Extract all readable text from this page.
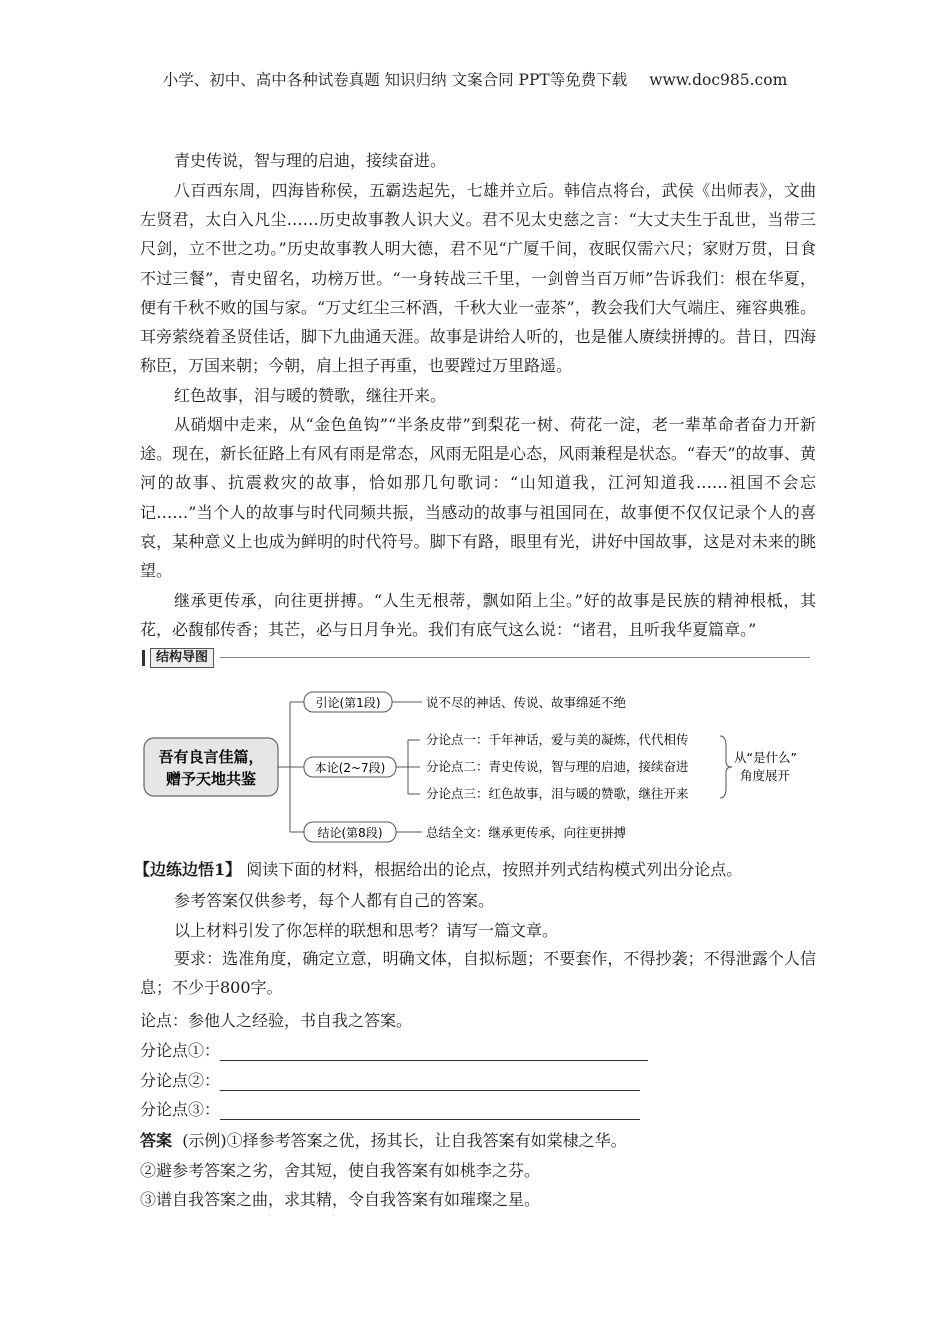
小学、初中、高中各种试卷真题 知识归纳 文案合同 PPT等免费下载 www.doc985.com

青史传说，智与理的启迪，接续奋进。

八百西东周，四海皆称侯，五霸迭起先，七雄并立后。韩信点将台，武侯《出师表》，文曲左贤君，太白入凡尘……历史故事教人识大义。君不见太史慈之言：“大丈夫生于乱世，当带三尺剑，立不世之功。”历史故事教人明大德，君不见“广厦千间，夜眠仅需六尺；家财万贯，日食不过三餐”，青史留名，功榜万世。“一身转战三千里，一剑曾当百万师”告诉我们：根在华夏，便有千秋不败的国与家。“万丈红尘三杯酒，千秋大业一壶茶”，教会我们大气端庄、雍容典雅。耳旁萦绕着圣贤佳话，脚下九曲通天涯。故事是讲给人听的，也是催人赓续拼搏的。昔日，四海称臣，万国来朝；今朝，肩上担子再重，也要蹚过万里路遥。

红色故事，泪与暖的赞歌，继往开来。

从硝烟中走来，从“金色鱼钩”“半条皮带”到梨花一树、荷花一淀，老一辈革命者奋力开新途。现在，新长征路上有风有雨是常态，风雨无阻是心态，风雨兼程是状态。“春天”的故事、黄河的故事、抗震救灾的故事，恰如那几句歌词：“山知道我，江河知道我……祖国不会忘记……”当个人的故事与时代同频共振，当感动的故事与祖国同在，故事便不仅仅记录个人的喜哀，某种意义上也成为鲜明的时代符号。脚下有路，眼里有光，讲好中国故事，这是对未来的眺望。

继承更传承，向往更拼搏。“人生无根蒂，飘如陌上尘。”好的故事是民族的精神根柢，其花，必馥郁传香；其芒，必与日月争光。我们有底气这么说：“诸君，且听我华夏篇章。”

结构导图
吾有良言佳篇，
赠予天地共鉴
引论(第1段)	说不尽的神话、传说、故事绵延不绝
本论(2~7段)
分论点一：千年神话，爱与美的凝炼，代代相传
分论点二：青史传说，智与理的启迪，接续奋进
分论点三：红色故事，泪与暖的赞歌，继往开来
从“是什么”
角度展开
结论(第8段)	总结全文：继承更传承，向往更拼搏
【边练边悟1】 阅读下面的材料，根据给出的论点，按照并列式结构模式列出分论点。
参考答案仅供参考，每个人都有自己的答案。
以上材料引发了你怎样的联想和思考？请写一篇文章。

要求：选准角度，确定立意，明确文体，自拟标题；不要套作，不得抄袭；不得泄露个人信息；不少于800字。

论点：参他人之经验，书自我之答案。
分论点①：
分论点②：
分论点③：
答案 (示例)①择参考答案之优，扬其长，让自我答案有如棠棣之华。
②避参考答案之劣，舍其短，使自我答案有如桃李之芬。
③谱自我答案之曲，求其精，令自我答案有如璀璨之星。
